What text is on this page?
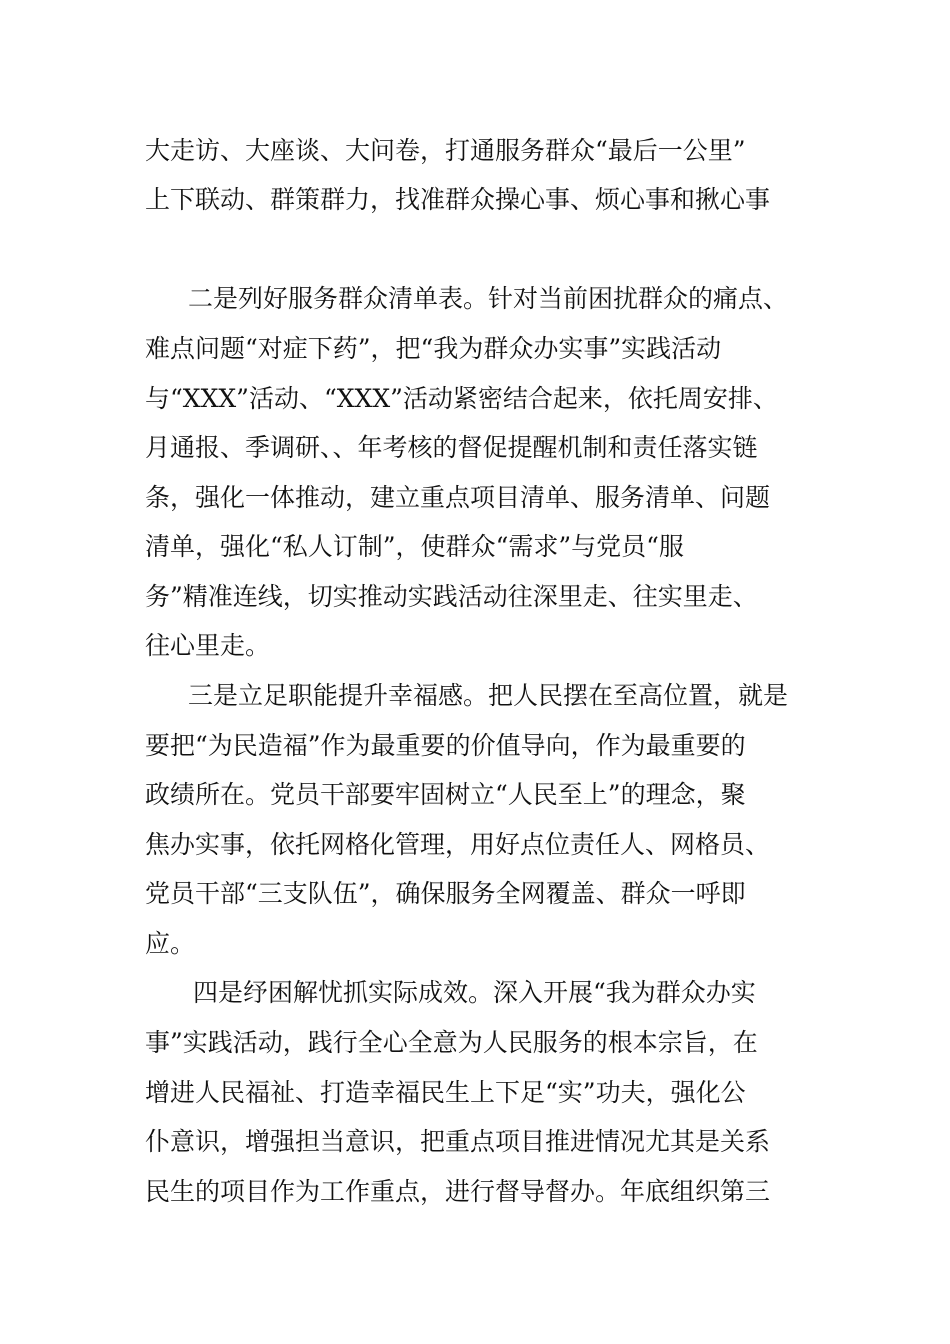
大走访、大座谈、大问卷，打通服务群众“最后一公里”
上下联动、群策群力，找准群众操心事、烦心事和揪心事
二是列好服务群众清单表。针对当前困扰群众的痛点、
难点问题“对症下药”，把“我为群众办实事”实践活动
与“XXX”活动、“XXX”活动紧密结合起来，依托周安排、
月通报、季调研、、年考核的督促提醒机制和责任落实链
条，强化一体推动，建立重点项目清单、服务清单、问题
清单，强化“私人订制”，使群众“需求”与党员“服
务”精准连线，切实推动实践活动往深里走、往实里走、
往心里走。
三是立足职能提升幸福感。把人民摆在至高位置，就是
要把“为民造福”作为最重要的价值导向，作为最重要的
政绩所在。党员干部要牢固树立“人民至上”的理念，聚
焦办实事，依托网格化管理，用好点位责任人、网格员、
党员干部“三支队伍”，确保服务全网覆盖、群众一呼即
应。
四是纾困解忧抓实际成效。深入开展“我为群众办实
事”实践活动，践行全心全意为人民服务的根本宗旨，在
增进人民福祉、打造幸福民生上下足“实”功夫，强化公
仆意识，增强担当意识，把重点项目推进情况尤其是关系
民生的项目作为工作重点，进行督导督办。年底组织第三
